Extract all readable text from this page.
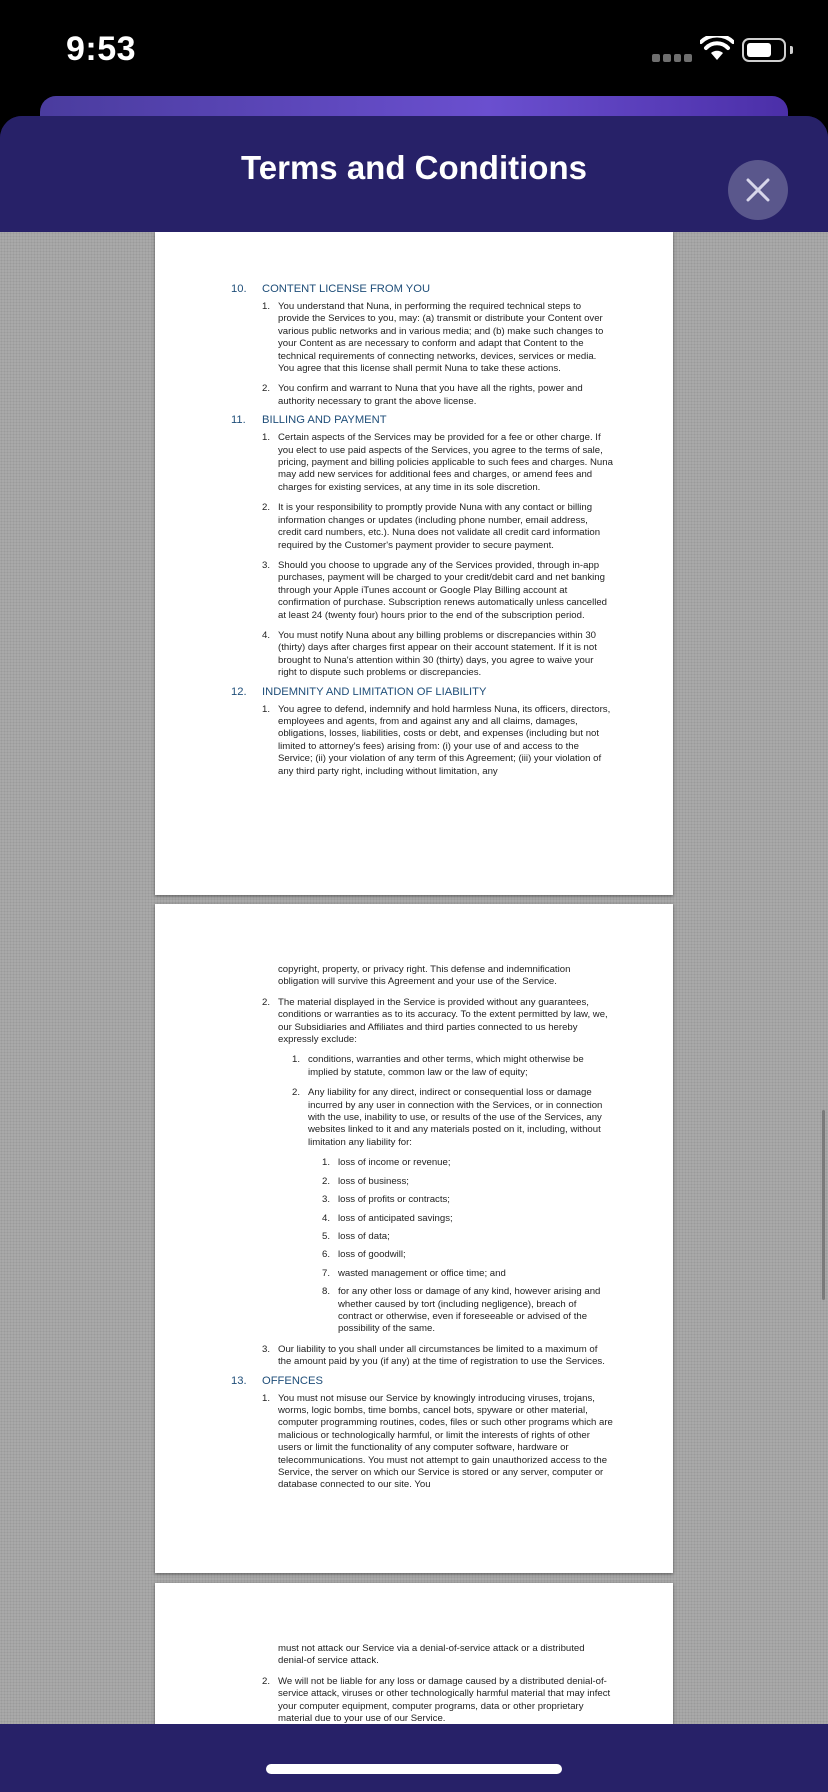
9:53
Terms and Conditions
10. CONTENT LICENSE FROM YOU
1. You understand that Nuna, in performing the required technical steps to provide the Services to you, may: (a) transmit or distribute your Content over various public networks and in various media; and (b) make such changes to your Content as are necessary to conform and adapt that Content to the technical requirements of connecting networks, devices, services or media. You agree that this license shall permit Nuna to take these actions.
2. You confirm and warrant to Nuna that you have all the rights, power and authority necessary to grant the above license.
11. BILLING AND PAYMENT
1. Certain aspects of the Services may be provided for a fee or other charge. If you elect to use paid aspects of the Services, you agree to the terms of sale, pricing, payment and billing policies applicable to such fees and charges. Nuna may add new services for additional fees and charges, or amend fees and charges for existing services, at any time in its sole discretion.
2. It is your responsibility to promptly provide Nuna with any contact or billing information changes or updates (including phone number, email address, credit card numbers, etc.). Nuna does not validate all credit card information required by the Customer's payment provider to secure payment.
3. Should you choose to upgrade any of the Services provided, through in-app purchases, payment will be charged to your credit/debit card and net banking through your Apple iTunes account or Google Play Billing account at confirmation of purchase. Subscription renews automatically unless cancelled at least 24 (twenty four) hours prior to the end of the subscription period.
4. You must notify Nuna about any billing problems or discrepancies within 30 (thirty) days after charges first appear on their account statement. If it is not brought to Nuna's attention within 30 (thirty) days, you agree to waive your right to dispute such problems or discrepancies.
12. INDEMNITY AND LIMITATION OF LIABILITY
1. You agree to defend, indemnify and hold harmless Nuna, its officers, directors, employees and agents, from and against any and all claims, damages, obligations, losses, liabilities, costs or debt, and expenses (including but not limited to attorney's fees) arising from: (i) your use of and access to the Service; (ii) your violation of any term of this Agreement; (iii) your violation of any third party right, including without limitation, any
copyright, property, or privacy right. This defense and indemnification obligation will survive this Agreement and your use of the Service.
2. The material displayed in the Service is provided without any guarantees, conditions or warranties as to its accuracy. To the extent permitted by law, we, our Subsidiaries and Affiliates and third parties connected to us hereby expressly exclude:
1. conditions, warranties and other terms, which might otherwise be implied by statute, common law or the law of equity;
2. Any liability for any direct, indirect or consequential loss or damage incurred by any user in connection with the Services, or in connection with the use, inability to use, or results of the use of the Services, any websites linked to it and any materials posted on it, including, without limitation any liability for:
1. loss of income or revenue;
2. loss of business;
3. loss of profits or contracts;
4. loss of anticipated savings;
5. loss of data;
6. loss of goodwill;
7. wasted management or office time; and
8. for any other loss or damage of any kind, however arising and whether caused by tort (including negligence), breach of contract or otherwise, even if foreseeable or advised of the possibility of the same.
3. Our liability to you shall under all circumstances be limited to a maximum of the amount paid by you (if any) at the time of registration to use the Services.
13. OFFENCES
1. You must not misuse our Service by knowingly introducing viruses, trojans, worms, logic bombs, time bombs, cancel bots, spyware or other material, computer programming routines, codes, files or such other programs which are malicious or technologically harmful, or limit the interests of rights of other users or limit the functionality of any computer software, hardware or telecommunications. You must not attempt to gain unauthorized access to the Service, the server on which our Service is stored or any server, computer or database connected to our site. You
must not attack our Service via a denial-of-service attack or a distributed denial-of service attack.
2. We will not be liable for any loss or damage caused by a distributed denial-of-service attack, viruses or other technologically harmful material that may infect your computer equipment, computer programs, data or other proprietary material due to your use of our Service.
